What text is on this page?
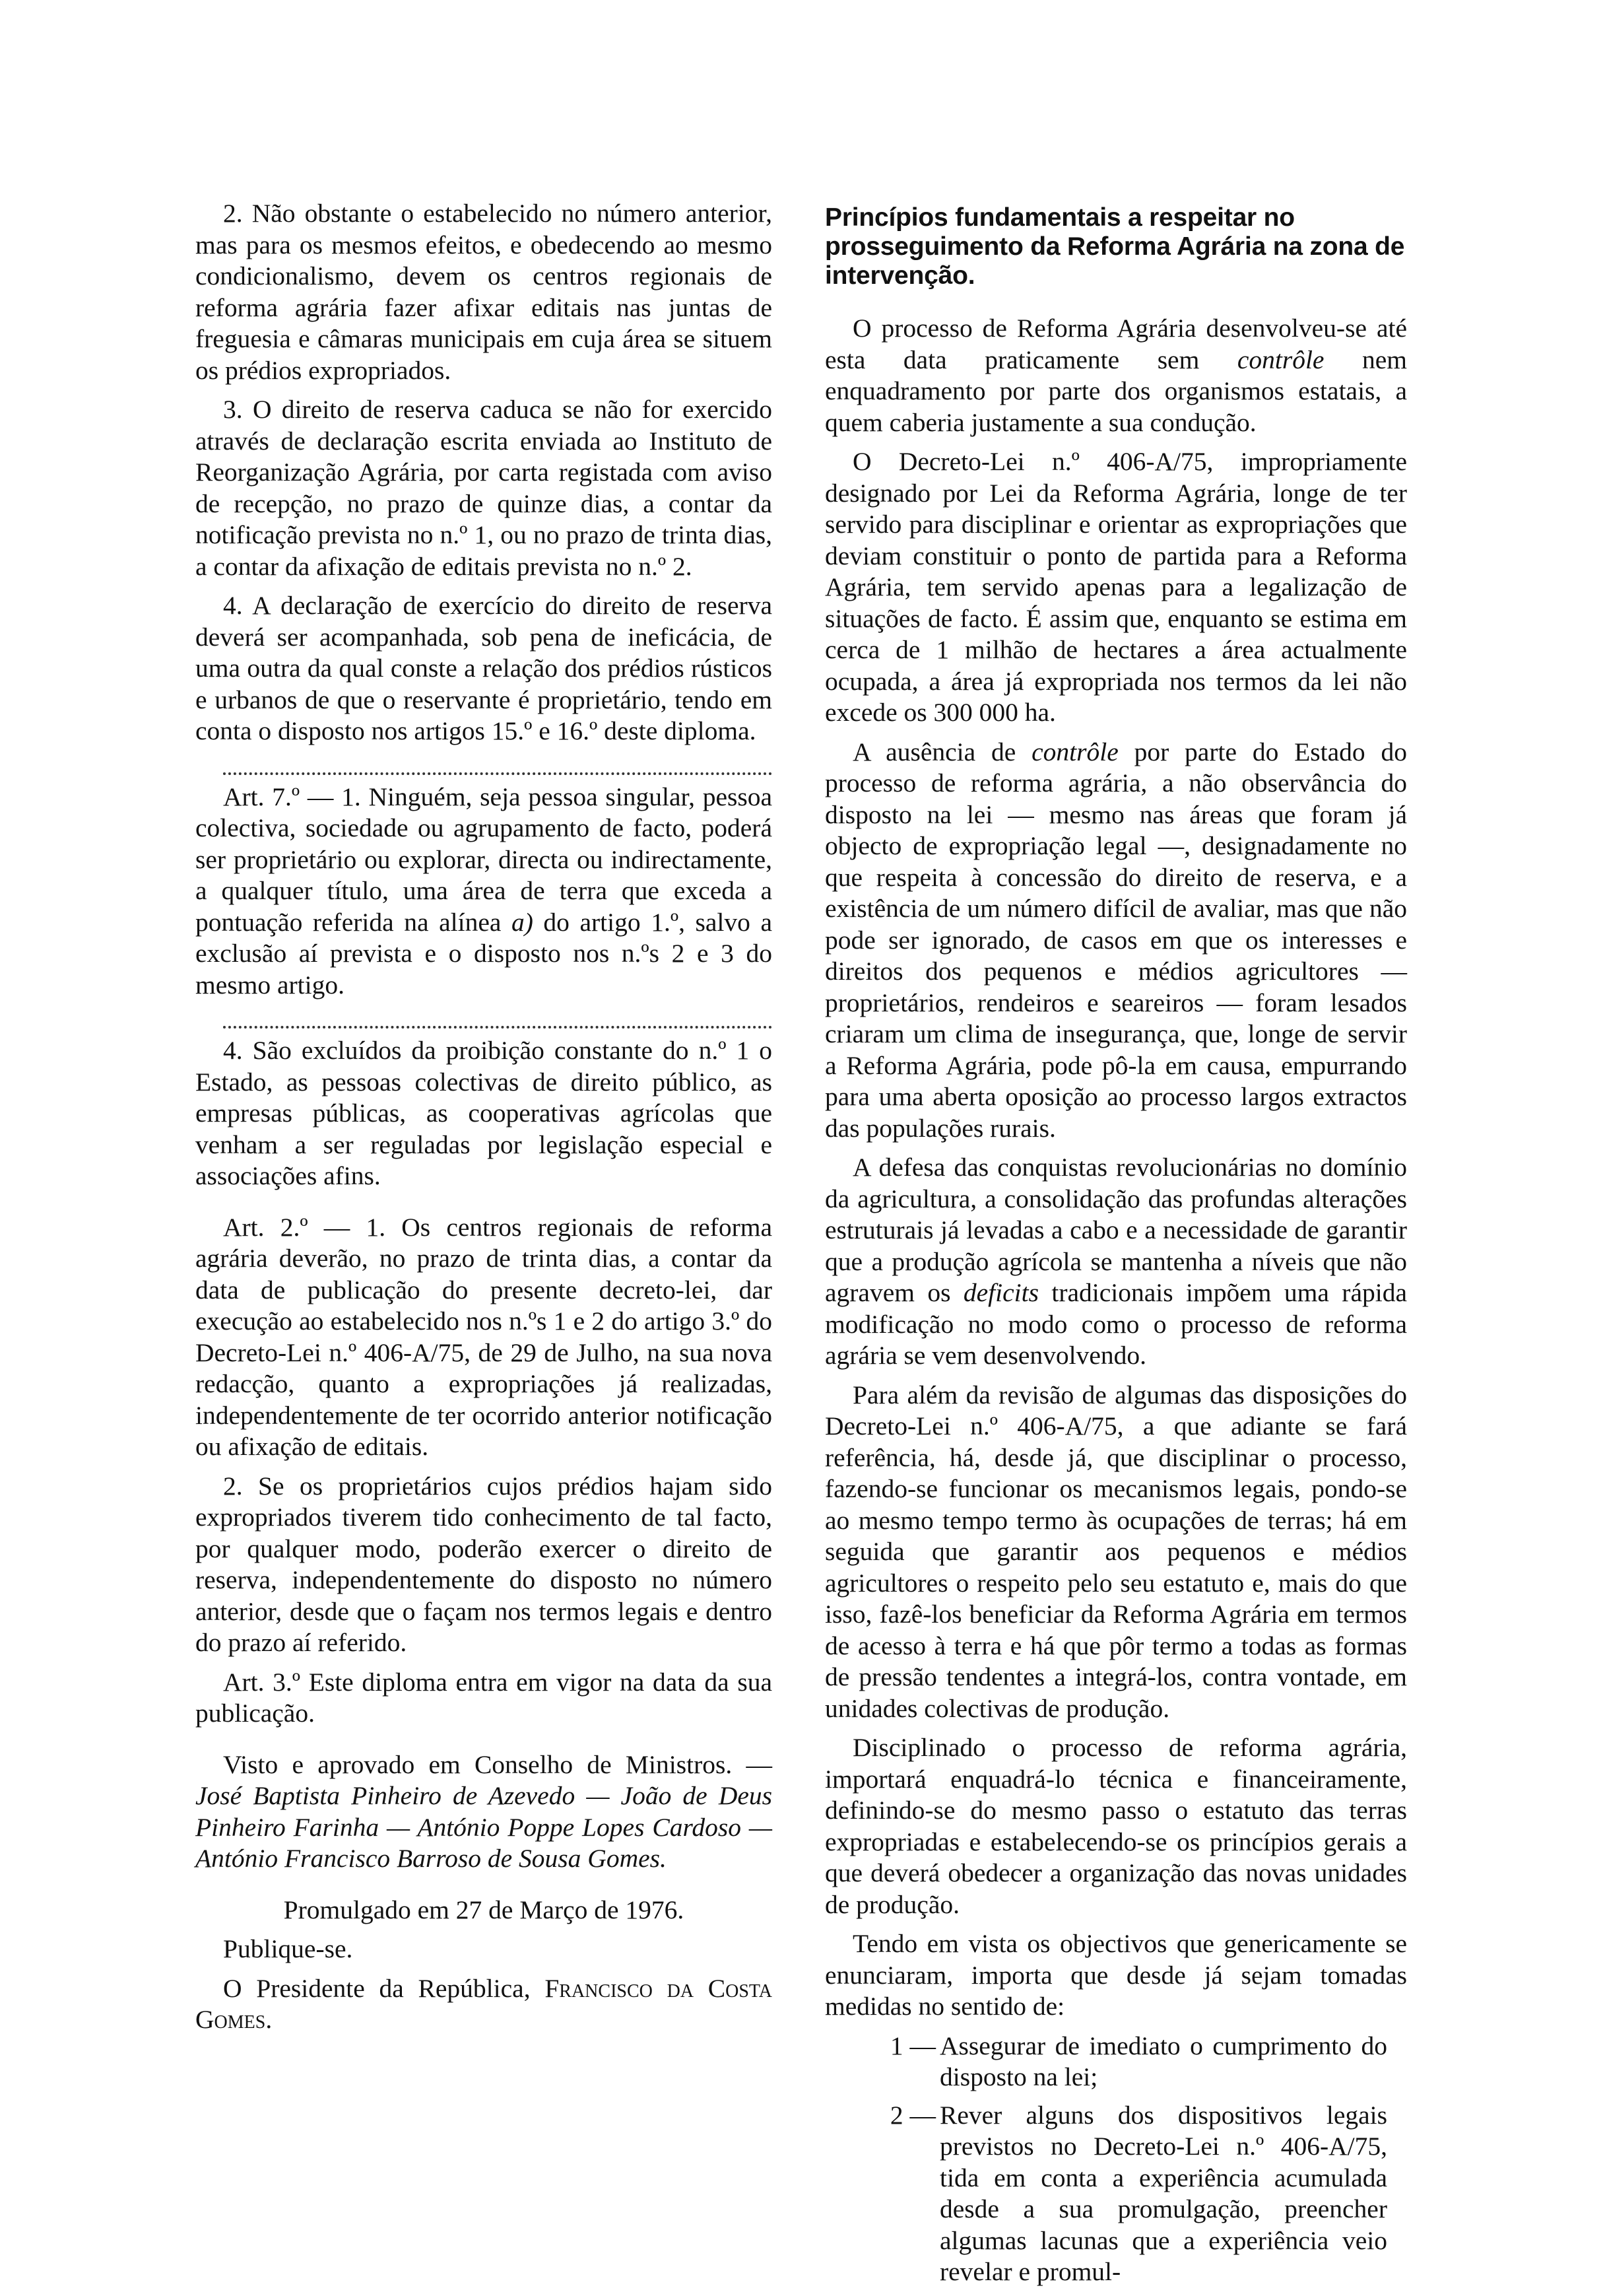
2. Não obstante o estabelecido no número anterior, mas para os mesmos efeitos, e obedecendo ao mesmo condicionalismo, devem os centros regionais de reforma agrária fazer afixar editais nas juntas de freguesia e câmaras municipais em cuja área se situem os prédios expropriados.

3. O direito de reserva caduca se não for exercido através de declaração escrita enviada ao Instituto de Reorganização Agrária, por carta registada com aviso de recepção, no prazo de quinze dias, a contar da notificação prevista no n.º 1, ou no prazo de trinta dias, a contar da afixação de editais prevista no n.º 2.

4. A declaração de exercício do direito de reserva deverá ser acompanhada, sob pena de ineficácia, de uma outra da qual conste a relação dos prédios rústicos e urbanos de que o reservante é proprietário, tendo em conta o disposto nos artigos 15.º e 16.º deste diploma.

Art. 7.º — 1. Ninguém, seja pessoa singular, pessoa colectiva, sociedade ou agrupamento de facto, poderá ser proprietário ou explorar, directa ou indirectamente, a qualquer título, uma área de terra que exceda a pontuação referida na alínea a) do artigo 1.º, salvo a exclusão aí prevista e o disposto nos n.ºs 2 e 3 do mesmo artigo.

4. São excluídos da proibição constante do n.º 1 o Estado, as pessoas colectivas de direito público, as empresas públicas, as cooperativas agrícolas que venham a ser reguladas por legislação especial e associações afins.

Art. 2.º — 1. Os centros regionais de reforma agrária deverão, no prazo de trinta dias, a contar da data de publicação do presente decreto-lei, dar execução ao estabelecido nos n.ºs 1 e 2 do artigo 3.º do Decreto-Lei n.º 406-A/75, de 29 de Julho, na sua nova redacção, quanto a expropriações já realizadas, independentemente de ter ocorrido anterior notificação ou afixação de editais.

2. Se os proprietários cujos prédios hajam sido expropriados tiverem tido conhecimento de tal facto, por qualquer modo, poderão exercer o direito de reserva, independentemente do disposto no número anterior, desde que o façam nos termos legais e dentro do prazo aí referido.

Art. 3.º Este diploma entra em vigor na data da sua publicação.

Visto e aprovado em Conselho de Ministros. — José Baptista Pinheiro de Azevedo — João de Deus Pinheiro Farinha — António Poppe Lopes Cardoso — António Francisco Barroso de Sousa Gomes.

Promulgado em 27 de Março de 1976.

Publique-se.

O Presidente da República, Francisco da Costa Gomes.

Princípios fundamentais a respeitar no prosseguimento da Reforma Agrária na zona de intervenção.

O processo de Reforma Agrária desenvolveu-se até esta data praticamente sem contrôle nem enquadramento por parte dos organismos estatais, a quem caberia justamente a sua condução.

O Decreto-Lei n.º 406-A/75, impropriamente designado por Lei da Reforma Agrária, longe de ter servido para disciplinar e orientar as expropriações que deviam constituir o ponto de partida para a Reforma Agrária, tem servido apenas para a legalização de situações de facto. É assim que, enquanto se estima em cerca de 1 milhão de hectares a área actualmente ocupada, a área já expropriada nos termos da lei não excede os 300 000 ha.

A ausência de contrôle por parte do Estado do processo de reforma agrária, a não observância do disposto na lei — mesmo nas áreas que foram já objecto de expropriação legal —, designadamente no que respeita à concessão do direito de reserva, e a existência de um número difícil de avaliar, mas que não pode ser ignorado, de casos em que os interesses e direitos dos pequenos e médios agricultores — proprietários, rendeiros e seareiros — foram lesados criaram um clima de insegurança, que, longe de servir a Reforma Agrária, pode pô-la em causa, empurrando para uma aberta oposição ao processo largos extractos das populações rurais.

A defesa das conquistas revolucionárias no domínio da agricultura, a consolidação das profundas alterações estruturais já levadas a cabo e a necessidade de garantir que a produção agrícola se mantenha a níveis que não agravem os deficits tradicionais impõem uma rápida modificação no modo como o processo de reforma agrária se vem desenvolvendo.

Para além da revisão de algumas das disposições do Decreto-Lei n.º 406-A/75, a que adiante se fará referência, há, desde já, que disciplinar o processo, fazendo-se funcionar os mecanismos legais, pondo-se ao mesmo tempo termo às ocupações de terras; há em seguida que garantir aos pequenos e médios agricultores o respeito pelo seu estatuto e, mais do que isso, fazê-los beneficiar da Reforma Agrária em termos de acesso à terra e há que pôr termo a todas as formas de pressão tendentes a integrá-los, contra vontade, em unidades colectivas de produção.

Disciplinado o processo de reforma agrária, importará enquadrá-lo técnica e financeiramente, definindo-se do mesmo passo o estatuto das terras expropriadas e estabelecendo-se os princípios gerais a que deverá obedecer a organização das novas unidades de produção.

Tendo em vista os objectivos que genericamente se enunciaram, importa que desde já sejam tomadas medidas no sentido de:

1 — Assegurar de imediato o cumprimento do disposto na lei;
2 — Rever alguns dos dispositivos legais previstos no Decreto-Lei n.º 406-A/75, tida em conta a experiência acumulada desde a sua promulgação, preencher algumas lacunas que a experiência veio revelar e promul-
